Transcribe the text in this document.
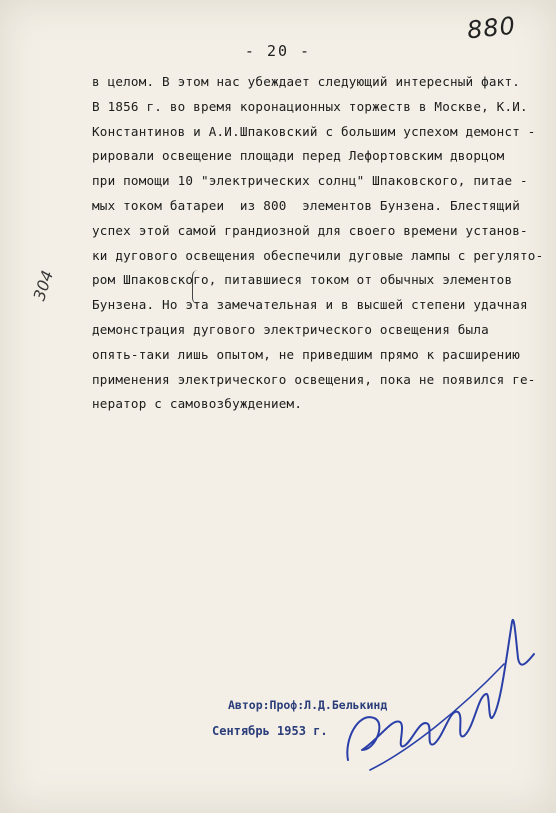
880
- 20 -
304
в целом. В этом нас убеждает следующий интересный факт.
В 1856 г. во время коронационных торжеств в Москве, К.И.
Константинов и А.И.Шпаковский с большим успехом демонст -
рировали освещение площади перед Лефортовским дворцом
при помощи 10 "электрических солнц" Шпаковского, питае -
мых током батареи  из 800  элементов Бунзена. Блестящий
успех этой самой грандиозной для своего времени установ-
ки дугового освещения обеспечили дуговые лампы с регулято-
ром Шпаковского, питавшиеся током от обычных элементов
Бунзена. Но эта замечательная и в высшей степени удачная
демонстрация дугового электрического освещения была
опять-таки лишь опытом, не приведшим прямо к расширению
применения электрического освещения, пока не появился ге-
нератор с самовозбуждением.
Автор:Проф:Л.Д.Белькинд
Сентябрь 1953 г.
